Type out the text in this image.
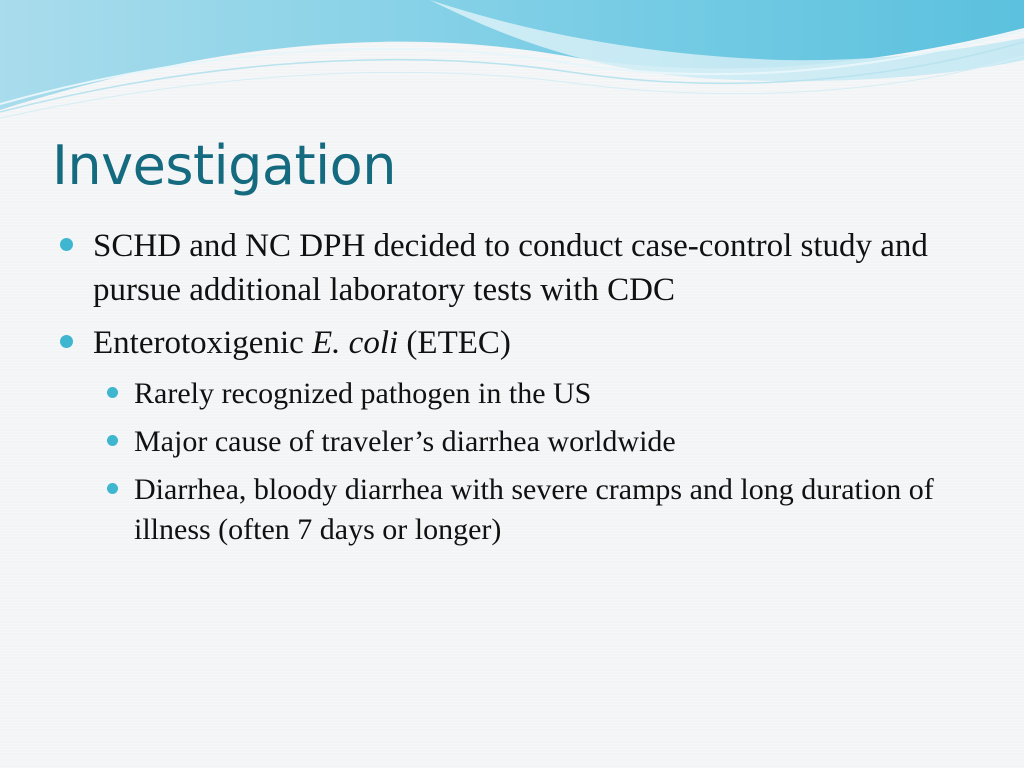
Investigation
SCHD and NC DPH decided to conduct case-control study and pursue additional laboratory tests with CDC
Enterotoxigenic E. coli (ETEC)
Rarely recognized pathogen in the US
Major cause of traveler’s diarrhea worldwide
Diarrhea, bloody diarrhea with severe cramps and long duration of illness (often 7 days or longer)
